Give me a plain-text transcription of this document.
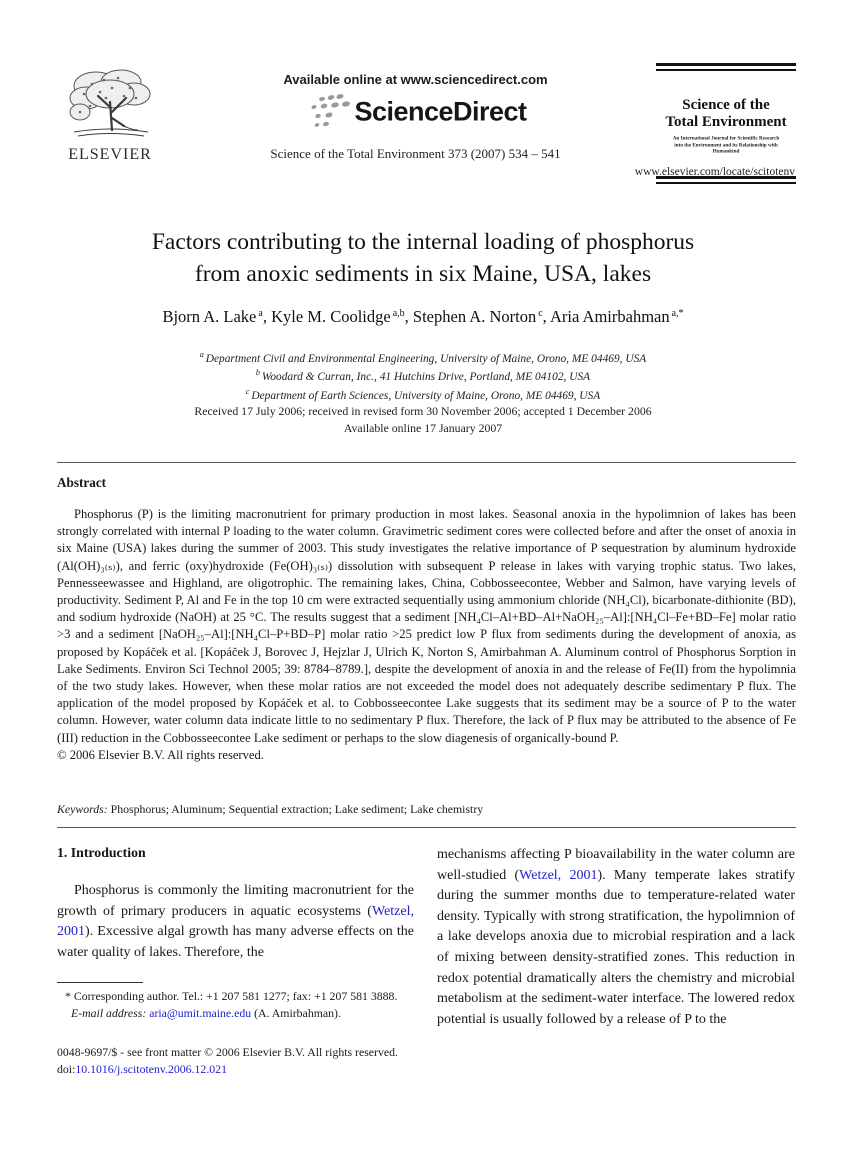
ELSEVIER
Available online at www.sciencedirect.com
ScienceDirect
Science of the Total Environment 373 (2007) 534 – 541
Science of the
Total Environment
An International Journal for Scientific Research
into the Environment and its Relationship with Humankind
www.elsevier.com/locate/scitotenv
Factors contributing to the internal loading of phosphorus
from anoxic sediments in six Maine, USA, lakes
Bjorn A. Lake $^a$, Kyle M. Coolidge $^{a,b}$, Stephen A. Norton $^c$, Aria Amirbahman $^{a,*}$
$^a$ Department Civil and Environmental Engineering, University of Maine, Orono, ME 04469, USA
$^b$ Woodard & Curran, Inc., 41 Hutchins Drive, Portland, ME 04102, USA
$^c$ Department of Earth Sciences, University of Maine, Orono, ME 04469, USA
Received 17 July 2006; received in revised form 30 November 2006; accepted 1 December 2006
Available online 17 January 2007
Abstract
Phosphorus (P) is the limiting macronutrient for primary production in most lakes. Seasonal anoxia in the hypolimnion of lakes has been strongly correlated with internal P loading to the water column. Gravimetric sediment cores were collected before and after the onset of anoxia in six Maine (USA) lakes during the summer of 2003. This study investigates the relative importance of P sequestration by aluminum hydroxide (Al(OH)₃₍ₛ₎), and ferric (oxy)hydroxide (Fe(OH)₃₍ₛ₎) dissolution with subsequent P release in lakes with varying trophic status. Two lakes, Pennesseewassee and Highland, are oligotrophic. The remaining lakes, China, Cobbosseecontee, Webber and Salmon, have varying levels of productivity. Sediment P, Al and Fe in the top 10 cm were extracted sequentially using ammonium chloride (NH₄Cl), bicarbonate-dithionite (BD), and sodium hydroxide (NaOH) at 25 °C. The results suggest that a sediment [NH₄Cl–Al+BD–Al+NaOH₂₅–Al]:[NH₄Cl–Fe+BD–Fe] molar ratio >3 and a sediment [NaOH₂₅–Al]:[NH₄Cl–P+BD–P] molar ratio >25 predict low P flux from sediments during the development of anoxia, as proposed by Kopáček et al. [Kopáček J, Borovec J, Hejzlar J, Ulrich K, Norton S, Amirbahman A. Aluminum control of Phosphorus Sorption in Lake Sediments. Environ Sci Technol 2005; 39: 8784–8789.], despite the development of anoxia in and the release of Fe(II) from the hypolimnia of the two study lakes. However, when these molar ratios are not exceeded the model does not adequately describe sedimentary P flux. The application of the model proposed by Kopáček et al. to Cobbosseecontee Lake suggests that its sediment may be a source of P to the water column. However, water column data indicate little to no sedimentary P flux. Therefore, the lack of P flux may be attributed to the absence of Fe (III) reduction in the Cobbosseecontee Lake sediment or perhaps to the slow diagenesis of organically-bound P.
© 2006 Elsevier B.V. All rights reserved.
Keywords: Phosphorus; Aluminum; Sequential extraction; Lake sediment; Lake chemistry
1. Introduction
Phosphorus is commonly the limiting macronutrient for the growth of primary producers in aquatic ecosystems (Wetzel, 2001). Excessive algal growth has many adverse effects on the water quality of lakes. Therefore, the
mechanisms affecting P bioavailability in the water column are well-studied (Wetzel, 2001). Many temperate lakes stratify during the summer months due to temperature-related water density. Typically with strong stratification, the hypolimnion of a lake develops anoxia due to microbial respiration and a lack of mixing between density-stratified zones. This reduction in redox potential dramatically alters the chemistry and microbial metabolism at the sediment-water interface. The lowered redox potential is usually followed by a release of P to the
* Corresponding author. Tel.: +1 207 581 1277; fax: +1 207 581 3888.
E-mail address: aria@umit.maine.edu (A. Amirbahman).
0048-9697/$ - see front matter © 2006 Elsevier B.V. All rights reserved.
doi:10.1016/j.scitotenv.2006.12.021
